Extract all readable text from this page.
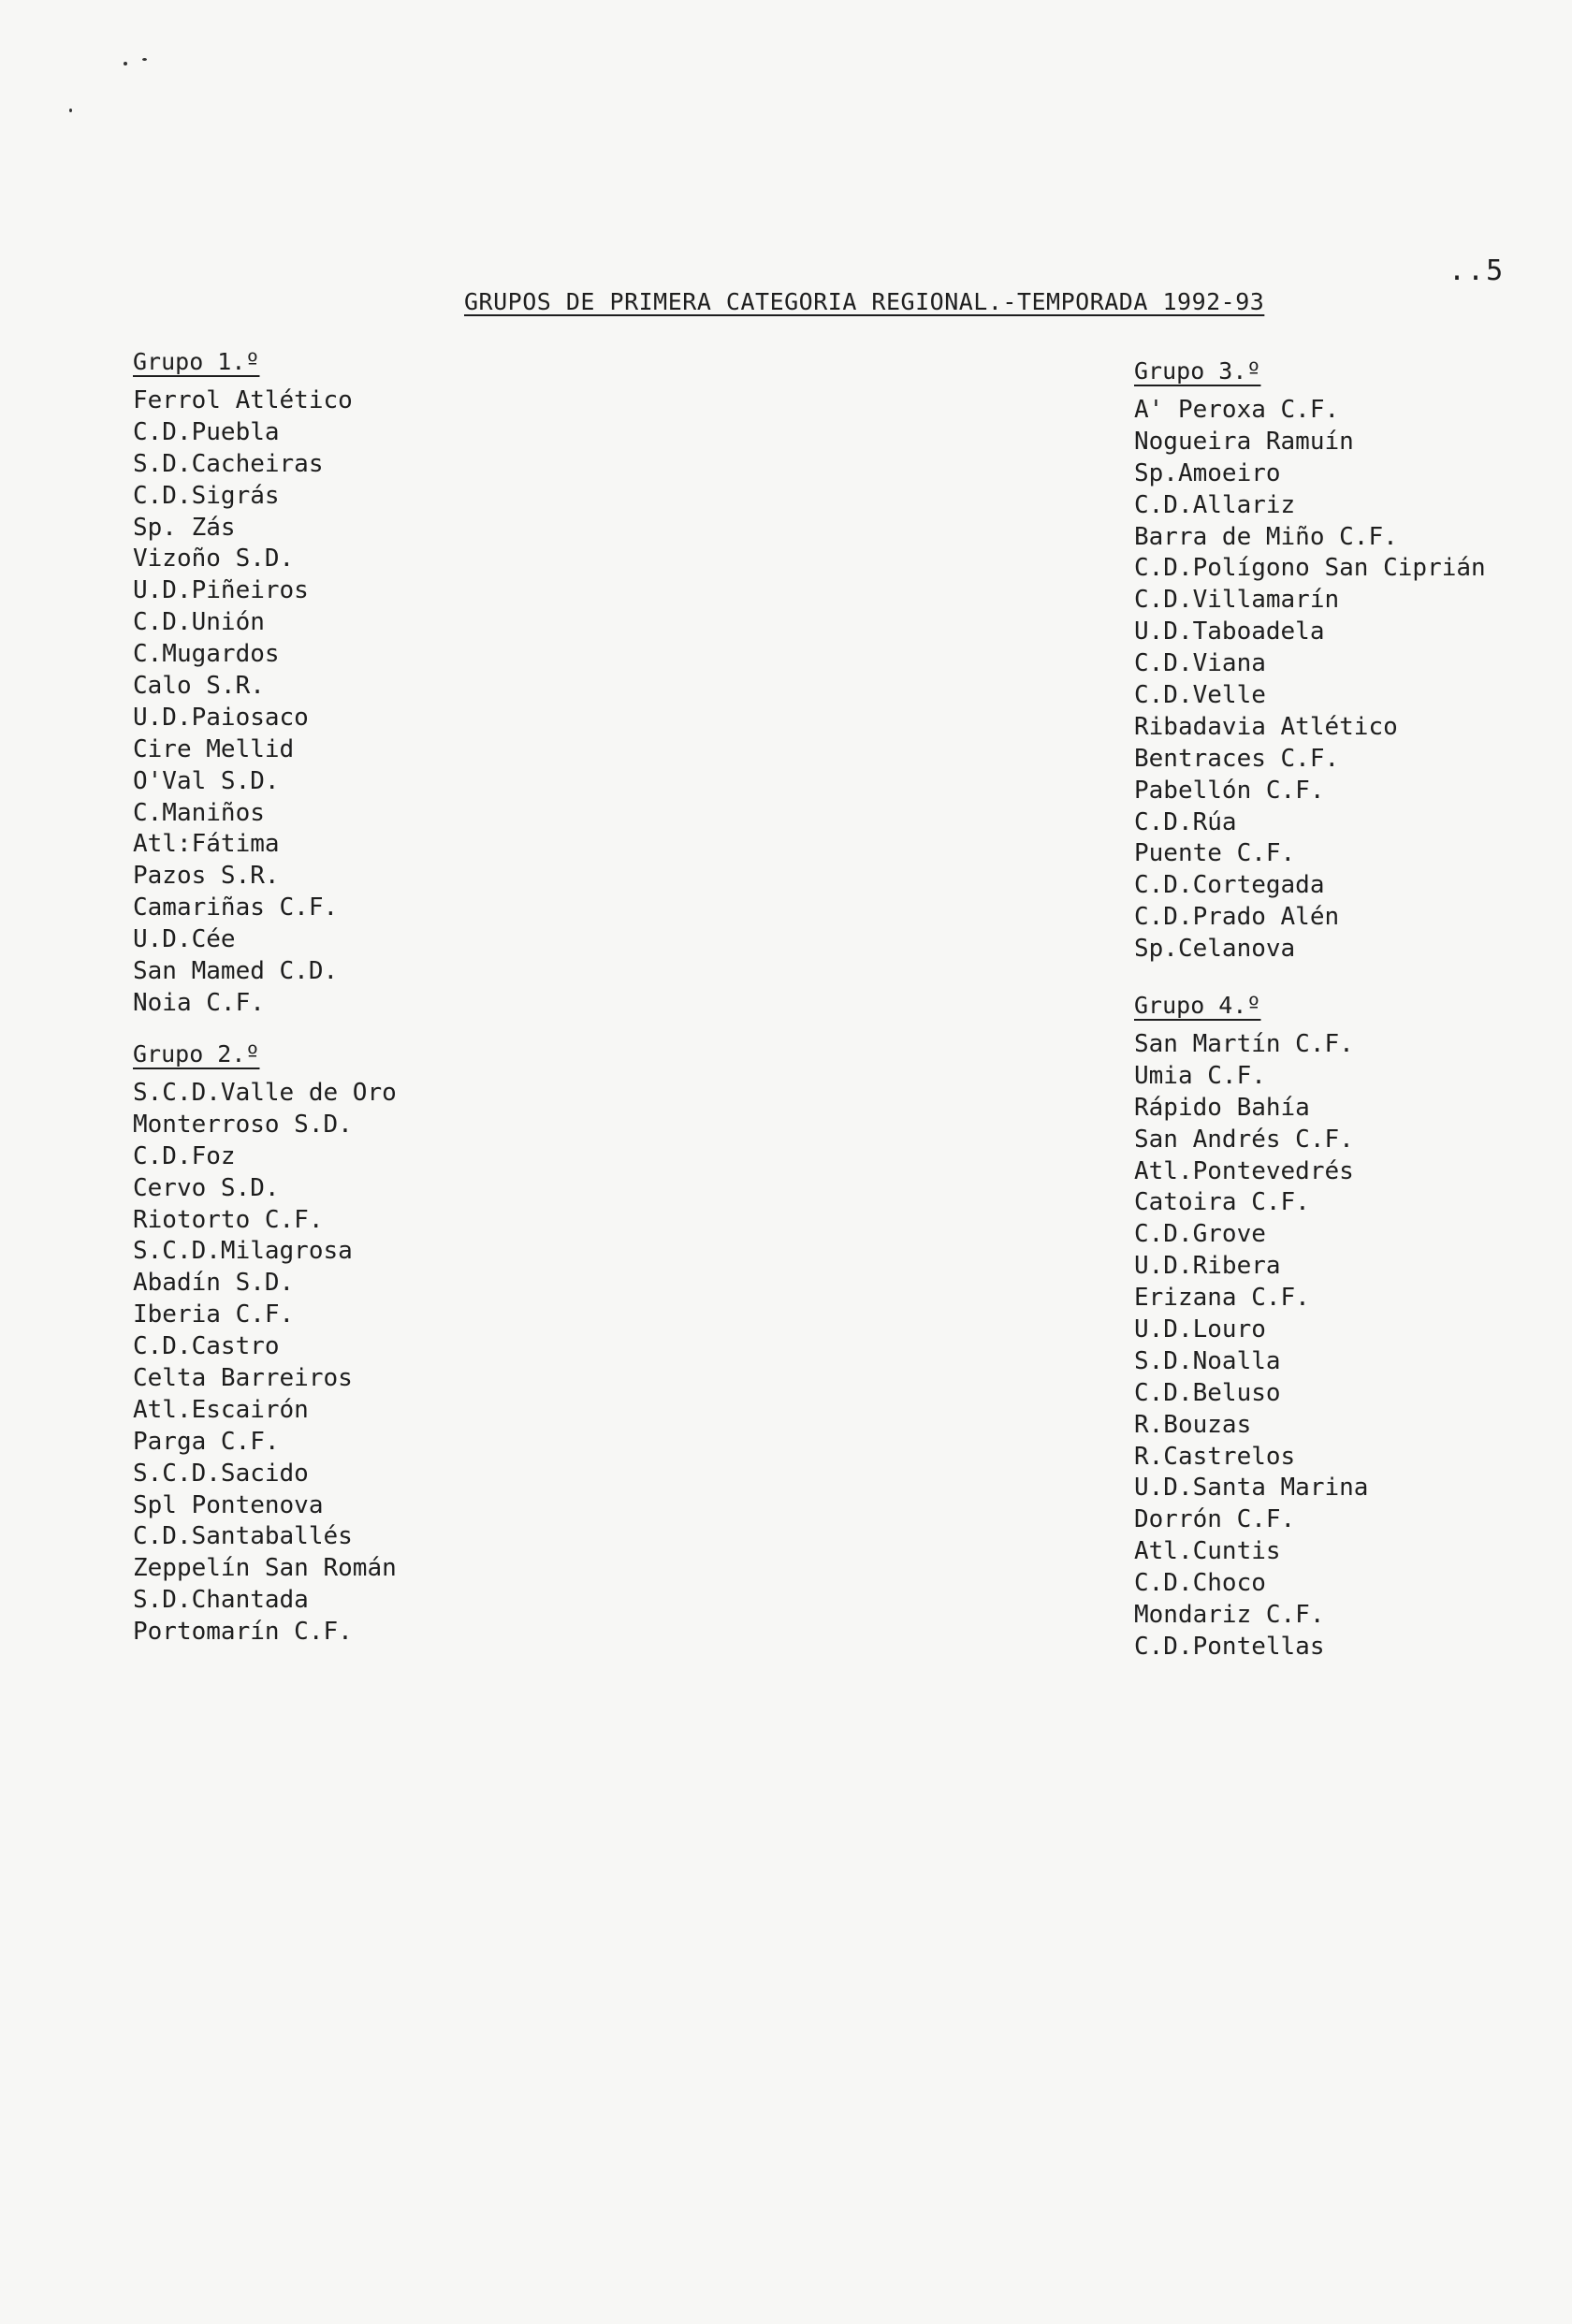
..5
GRUPOS DE PRIMERA CATEGORIA REGIONAL.-TEMPORADA 1992-93
Grupo 1.º
Ferrol Atlético
C.D.Puebla
S.D.Cacheiras
C.D.Sigrás
Sp. Zás
Vizoño S.D.
U.D.Piñeiros
C.D.Unión
C.Mugardos
Calo S.R.
U.D.Paiosaco
Cire Mellid
O'Val S.D.
C.Maniños
Atl:Fátima
Pazos S.R.
Camariñas C.F.
U.D.Cée
San Mamed C.D.
Noia C.F.
Grupo 2.º
S.C.D.Valle de Oro
Monterroso S.D.
C.D.Foz
Cervo S.D.
Riotorto C.F.
S.C.D.Milagrosa
Abadín S.D.
Iberia C.F.
C.D.Castro
Celta Barreiros
Atl.Escairón
Parga C.F.
S.C.D.Sacido
Spl Pontenova
C.D.Santaballés
Zeppelín San Román
S.D.Chantada
Portomarín C.F.
Grupo 3.º
A' Peroxa C.F.
Nogueira Ramuín
Sp.Amoeiro
C.D.Allariz
Barra de Miño C.F.
C.D.Polígono San Ciprián
C.D.Villamarín
U.D.Taboadela
C.D.Viana
C.D.Velle
Ribadavia Atlético
Bentraces C.F.
Pabellón C.F.
C.D.Rúa
Puente C.F.
C.D.Cortegada
C.D.Prado Alén
Sp.Celanova
Grupo 4.º
San Martín C.F.
Umia C.F.
Rápido Bahía
San Andrés C.F.
Atl.Pontevedrés
Catoira C.F.
C.D.Grove
U.D.Ribera
Erizana C.F.
U.D.Louro
S.D.Noalla
C.D.Beluso
R.Bouzas
R.Castrelos
U.D.Santa Marina
Dorrón C.F.
Atl.Cuntis
C.D.Choco
Mondariz C.F.
C.D.Pontellas
